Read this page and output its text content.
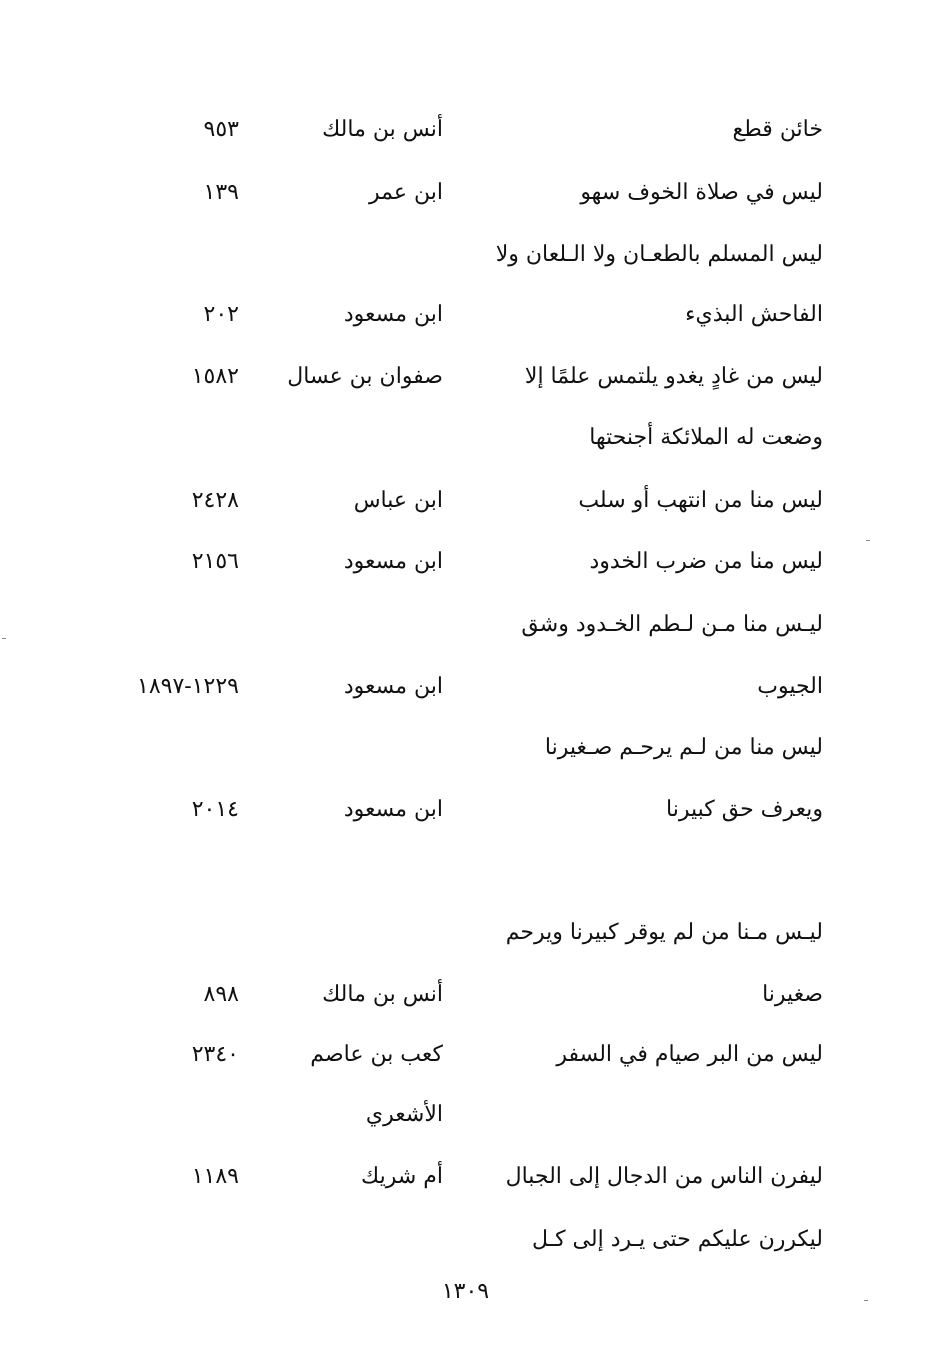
خائن قطع
أنس بن مالك
٩٥٣
ليس في صلاة الخوف سهو
ابن عمر
١٣٩
ليس المسلم بالطعـان ولا الـلعان ولا
الفاحش البذيء
ابن مسعود
٢٠٢
ليس من غادٍ يغدو يلتمس علمًا إلا
صفوان بن عسال
١٥٨٢
وضعت له الملائكة أجنحتها
ليس منا من انتهب أو سلب
ابن عباس
٢٤٢٨
ليس منا من ضرب الخدود
ابن مسعود
٢١٥٦
ليـس منا مـن لـطم الخـدود وشق
الجيوب
ابن مسعود
١٢٢٩-١٨٩٧
ليس منا من لـم يرحـم صـغيرنا
ويعرف حق كبيرنا
ابن مسعود
٢٠١٤
ليـس مـنا من لم يوقر كبيرنا ويرحم
صغيرنا
أنس بن مالك
٨٩٨
ليس من البر صيام في السفر
كعب بن عاصم
٢٣٤٠
الأشعري
ليفرن الناس من الدجال إلى الجبال
أم شريك
١١٨٩
ليكررن عليكم حتى يـرد إلى كـل
١٣٠٩
